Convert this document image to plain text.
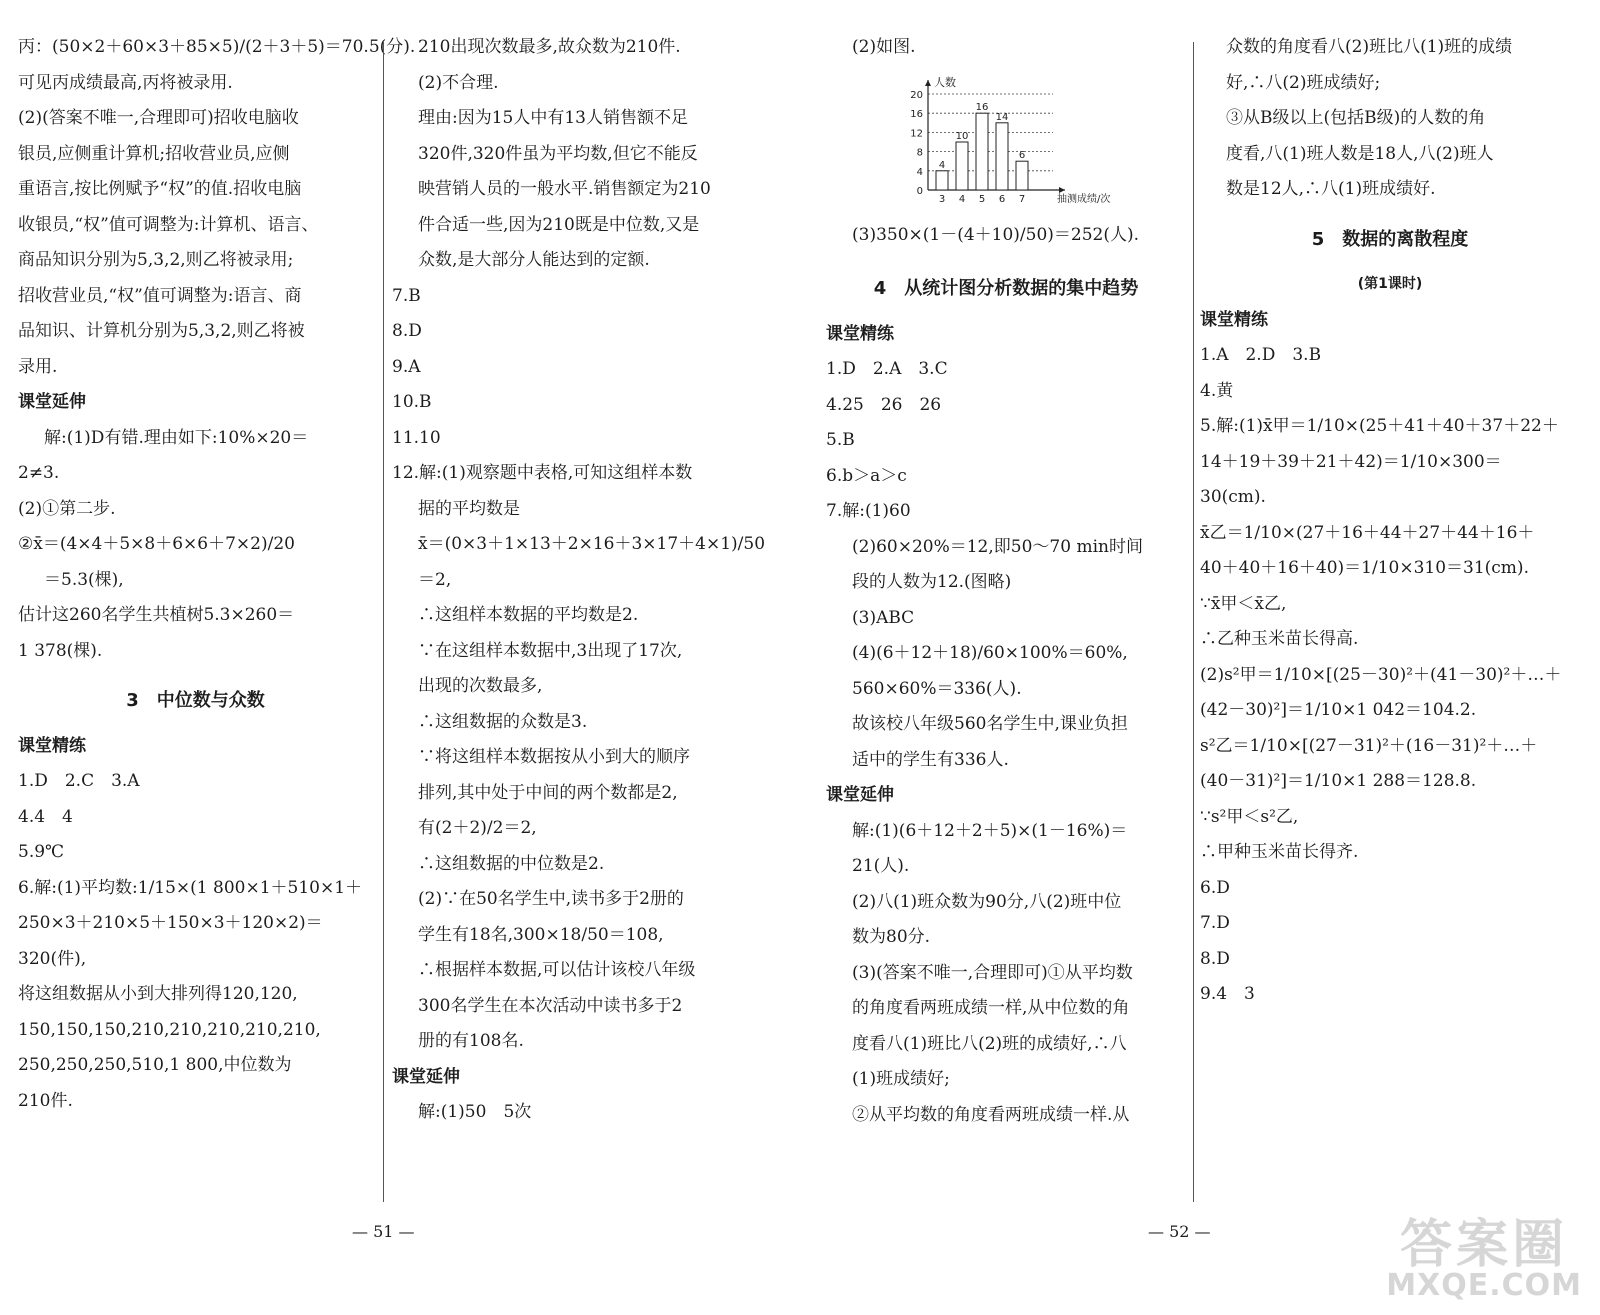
丙：(50×2＋60×3＋85×5)/(2＋3＋5)＝70.5(分).
可见丙成绩最高,丙将被录用.
(2)(答案不唯一,合理即可)招收电脑收
银员,应侧重计算机;招收营业员,应侧
重语言,按比例赋予“权”的值.招收电脑
收银员,“权”值可调整为:计算机、语言、
商品知识分别为5,3,2,则乙将被录用;
招收营业员,“权”值可调整为:语言、商
品知识、计算机分别为5,3,2,则乙将被
录用.
课堂延伸
解:(1)D有错.理由如下:10%×20＝
2≠3.
(2)①第二步.
②x̄＝(4×4＋5×8＋6×6＋7×2)/20
＝5.3(棵),
估计这260名学生共植树5.3×260＝
1 378(棵).
3　中位数与众数
课堂精练
1.D　2.C　3.A
4.4　4
5.9℃
6.解:(1)平均数:1/15×(1 800×1＋510×1＋
250×3＋210×5＋150×3＋120×2)＝
320(件),
将这组数据从小到大排列得120,120,
150,150,150,210,210,210,210,210,
250,250,250,510,1 800,中位数为
210件.
210出现次数最多,故众数为210件.
(2)不合理.
理由:因为15人中有13人销售额不足
320件,320件虽为平均数,但它不能反
映营销人员的一般水平.销售额定为210
件合适一些,因为210既是中位数,又是
众数,是大部分人能达到的定额.
7.B
8.D
9.A
10.B
11.10
12.解:(1)观察题中表格,可知这组样本数
据的平均数是
x̄＝(0×3＋1×13＋2×16＋3×17＋4×1)/50
＝2,
∴这组样本数据的平均数是2.
∵在这组样本数据中,3出现了17次,
出现的次数最多,
∴这组数据的众数是3.
∵将这组样本数据按从小到大的顺序
排列,其中处于中间的两个数都是2,
有(2＋2)/2＝2,
∴这组数据的中位数是2.
(2)∵在50名学生中,读书多于2册的
学生有18名,300×18/50＝108,
∴根据样本数据,可以估计该校八年级
300名学生在本次活动中读书多于2
册的有108名.
课堂延伸
解:(1)50　5次
— 51 —
(2)如图.
0
4
8
12
16
20
人数
抽测成绩/次
4
3
10
4
16
5
14
6
6
7
(3)350×(1－(4＋10)/50)＝252(人).
4　从统计图分析数据的集中趋势
课堂精练
1.D　2.A　3.C
4.25　26　26
5.B
6.b＞a＞c
7.解:(1)60
(2)60×20%＝12,即50～70 min时间
段的人数为12.(图略)
(3)ABC
(4)(6＋12＋18)/60×100%＝60%,
560×60%＝336(人).
故该校八年级560名学生中,课业负担
适中的学生有336人.
课堂延伸
解:(1)(6＋12＋2＋5)×(1－16%)＝
21(人).
(2)八(1)班众数为90分,八(2)班中位
数为80分.
(3)(答案不唯一,合理即可)①从平均数
的角度看两班成绩一样,从中位数的角
度看八(1)班比八(2)班的成绩好,∴八
(1)班成绩好;
②从平均数的角度看两班成绩一样.从
众数的角度看八(2)班比八(1)班的成绩
好,∴八(2)班成绩好;
③从B级以上(包括B级)的人数的角
度看,八(1)班人数是18人,八(2)班人
数是12人,∴八(1)班成绩好.
5　数据的离散程度
(第1课时)
课堂精练
1.A　2.D　3.B
4.黄
5.解:(1)x̄甲＝1/10×(25＋41＋40＋37＋22＋
14＋19＋39＋21＋42)＝1/10×300＝
30(cm).
x̄乙＝1/10×(27＋16＋44＋27＋44＋16＋
40＋40＋16＋40)＝1/10×310＝31(cm).
∵x̄甲＜x̄乙,
∴乙种玉米苗长得高.
(2)s²甲＝1/10×[(25－30)²＋(41－30)²＋…＋
(42－30)²]＝1/10×1 042＝104.2.
s²乙＝1/10×[(27－31)²＋(16－31)²＋…＋
(40－31)²]＝1/10×1 288＝128.8.
∵s²甲＜s²乙,
∴甲种玉米苗长得齐.
6.D
7.D
8.D
9.4　3
— 52 —	答案圈
MXQE.COM
